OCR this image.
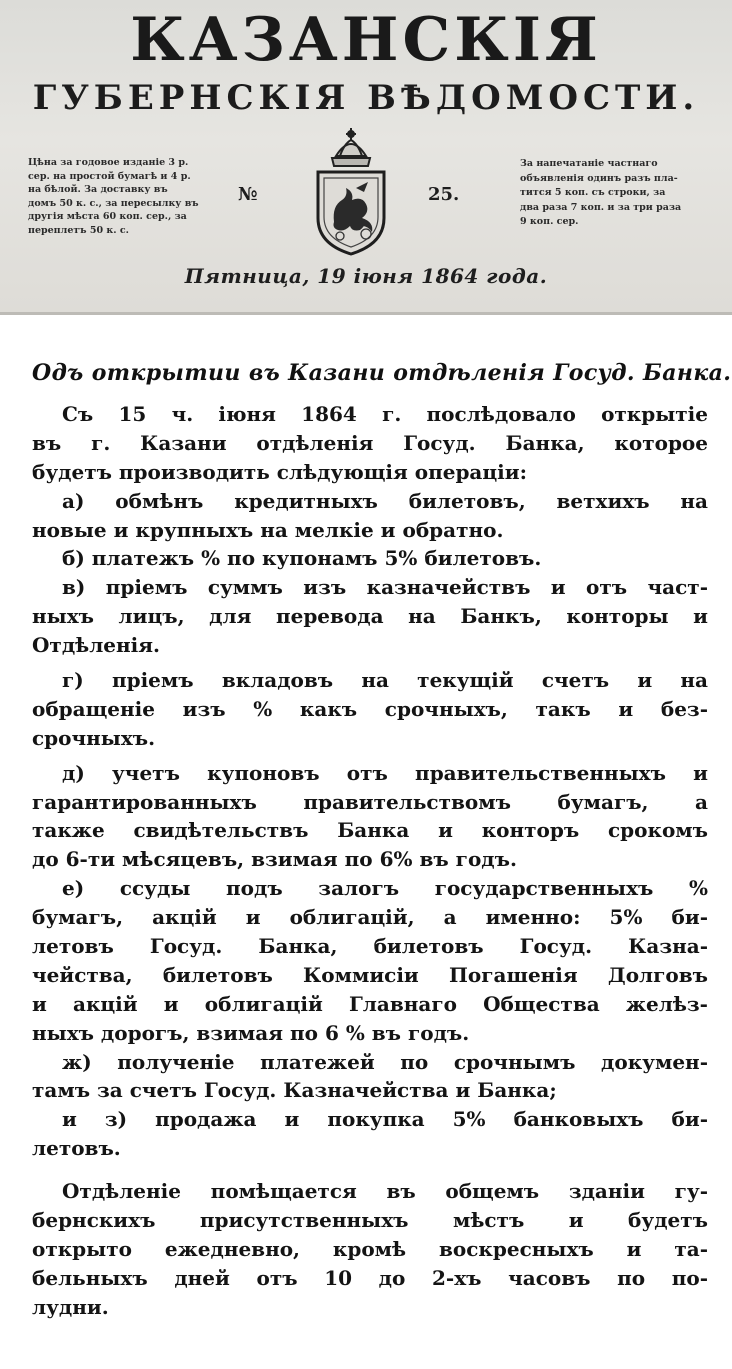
КАЗАНСКІЯ
ГУБЕРНСКІЯ ВѢДОМОСТИ.
Цѣна за годовое изданіе 3 р.
сер. на простой бумагѣ и 4 р.
на бѣлой. За доставку въ
домъ 50 к. с., за пересылку въ
другія мѣста 60 коп. сер., за
переплетъ 50 к. с.
№	25.
За напечатаніе частнаго
объявленія одинъ разъ пла-
тится 5 коп. съ строки, за
два раза 7 коп. и за три раза
9 коп. сер.
Пятница, 19 іюня 1864 года.
Одъ открытии въ Казани отдѣленія Госуд. Банка.
Съ 15 ч. іюня 1864 г. послѣдовало открытіе
въ г. Казани отдѣленія Госуд. Банка, которое
будетъ производить слѣдующія операціи:
а) обмѣнъ кредитныхъ билетовъ, ветхихъ на
новые и крупныхъ на мелкіе и обратно.
б) платежъ % по купонамъ 5% билетовъ.
в) пріемъ суммъ изъ казначействъ и отъ част-
ныхъ лицъ, для перевода на Банкъ, конторы и
Отдѣленія.
г) пріемъ вкладовъ на текущій счетъ и на
обращеніе изъ % какъ срочныхъ, такъ и без-
срочныхъ.
д) учетъ купоновъ отъ правительственныхъ и
гарантированныхъ правительствомъ бумагъ, а
также свидѣтельствъ Банка и конторъ срокомъ
до 6-ти мѣсяцевъ, взимая по 6% въ годъ.
е) ссуды подъ залогъ государственныхъ %
бумагъ, акцій и облигацій, а именно: 5% би-
летовъ Госуд. Банка, билетовъ Госуд. Казна-
чейства, билетовъ Коммисіи Погашенія Долговъ
и акцій и облигацій Главнаго Общества желѣз-
ныхъ дорогъ, взимая по 6 % въ годъ.
ж) полученіе платежей по срочнымъ докумен-
тамъ за счетъ Госуд. Казначейства и Банка;
и з) продажа и покупка 5% банковыхъ би-
летовъ.
Отдѣленіе помѣщается въ общемъ зданіи гу-
бернскихъ присутственныхъ мѣстъ и будетъ
открыто ежедневно, кромѣ воскресныхъ и та-
бельныхъ дней отъ 10 до 2-хъ часовъ по по-
лудни.
